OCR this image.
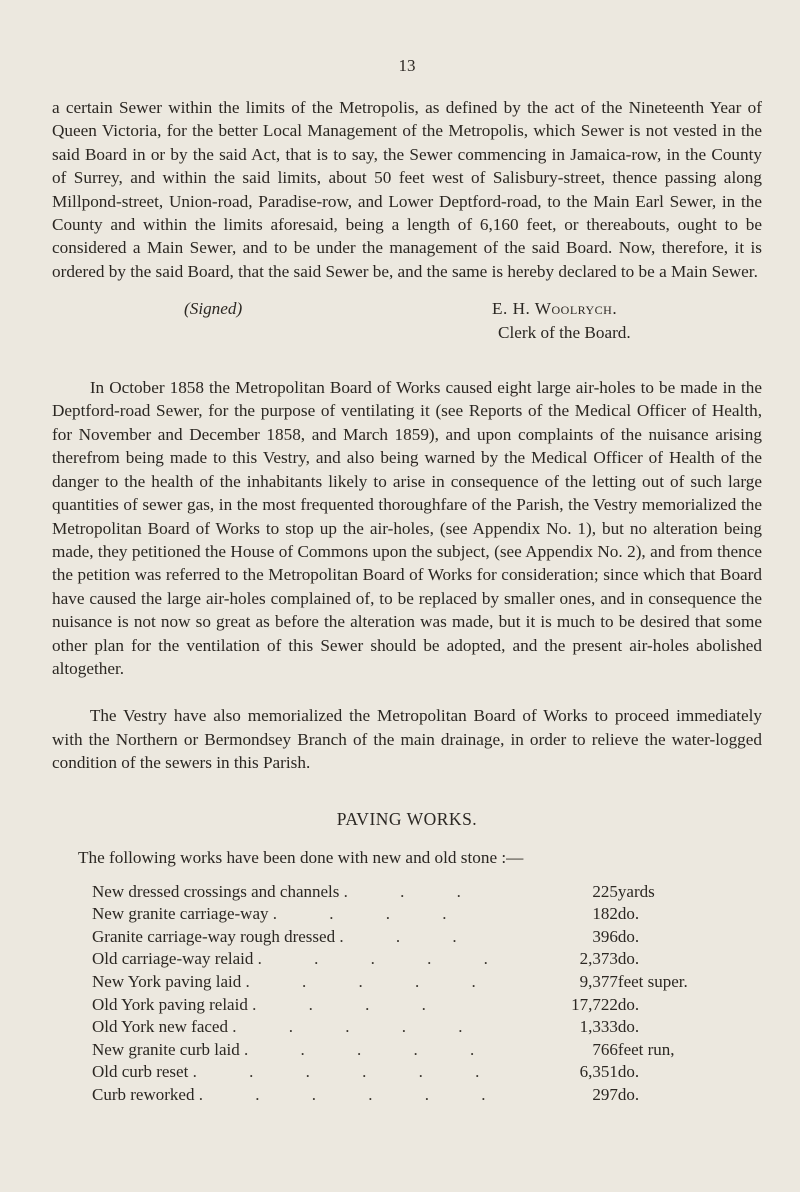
13

a certain Sewer within the limits of the Metropolis, as defined by the act of the Nineteenth Year of Queen Victoria, for the better Local Management of the Metropolis, which Sewer is not vested in the said Board in or by the said Act, that is to say, the Sewer commencing in Jamaica-row, in the County of Surrey, and within the said limits, about 50 feet west of Salisbury-street, thence passing along Millpond-street, Union-road, Paradise-row, and Lower Deptford-road, to the Main Earl Sewer, in the County and within the limits aforesaid, being a length of 6,160 feet, or thereabouts, ought to be considered a Main Sewer, and to be under the management of the said Board. Now, therefore, it is ordered by the said Board, that the said Sewer be, and the same is hereby declared to be a Main Sewer.

(Signed)	E. H. Woolrych.
Clerk of the Board.

In October 1858 the Metropolitan Board of Works caused eight large air-holes to be made in the Deptford-road Sewer, for the purpose of ventilating it (see Reports of the Medical Officer of Health, for November and December 1858, and March 1859), and upon complaints of the nuisance arising therefrom being made to this Vestry, and also being warned by the Medical Officer of Health of the danger to the health of the inhabitants likely to arise in consequence of the letting out of such large quantities of sewer gas, in the most frequented thoroughfare of the Parish, the Vestry memorialized the Metropolitan Board of Works to stop up the air-holes, (see Appendix No. 1), but no alteration being made, they petitioned the House of Commons upon the subject, (see Appendix No. 2), and from thence the petition was referred to the Metropolitan Board of Works for consideration; since which that Board have caused the large air-holes complained of, to be replaced by smaller ones, and in consequence the nuisance is not now so great as before the alteration was made, but it is much to be desired that some other plan for the ventilation of this Sewer should be adopted, and the present air-holes abolished altogether.

The Vestry have also memorialized the Metropolitan Board of Works to proceed immediately with the Northern or Bermondsey Branch of the main drainage, in order to relieve the water-logged condition of the sewers in this Parish.

PAVING WORKS.
The following works have been done with new and old stone :—
New dressed crossings and channels . . .	225	yards
New granite carriage-way . . . .	182	do.
Granite carriage-way rough dressed . . .	396	do.
Old carriage-way relaid . . . . .	2,373	do.
New York paving laid . . . . .	9,377	feet super.
Old York paving relaid . . . .	17,722	do.
Old York new faced . . . . .	1,333	do.
New granite curb laid . . . . .	766	feet run,
Old curb reset . . . . . .	6,351	do.
Curb reworked . . . . . .	297	do.
